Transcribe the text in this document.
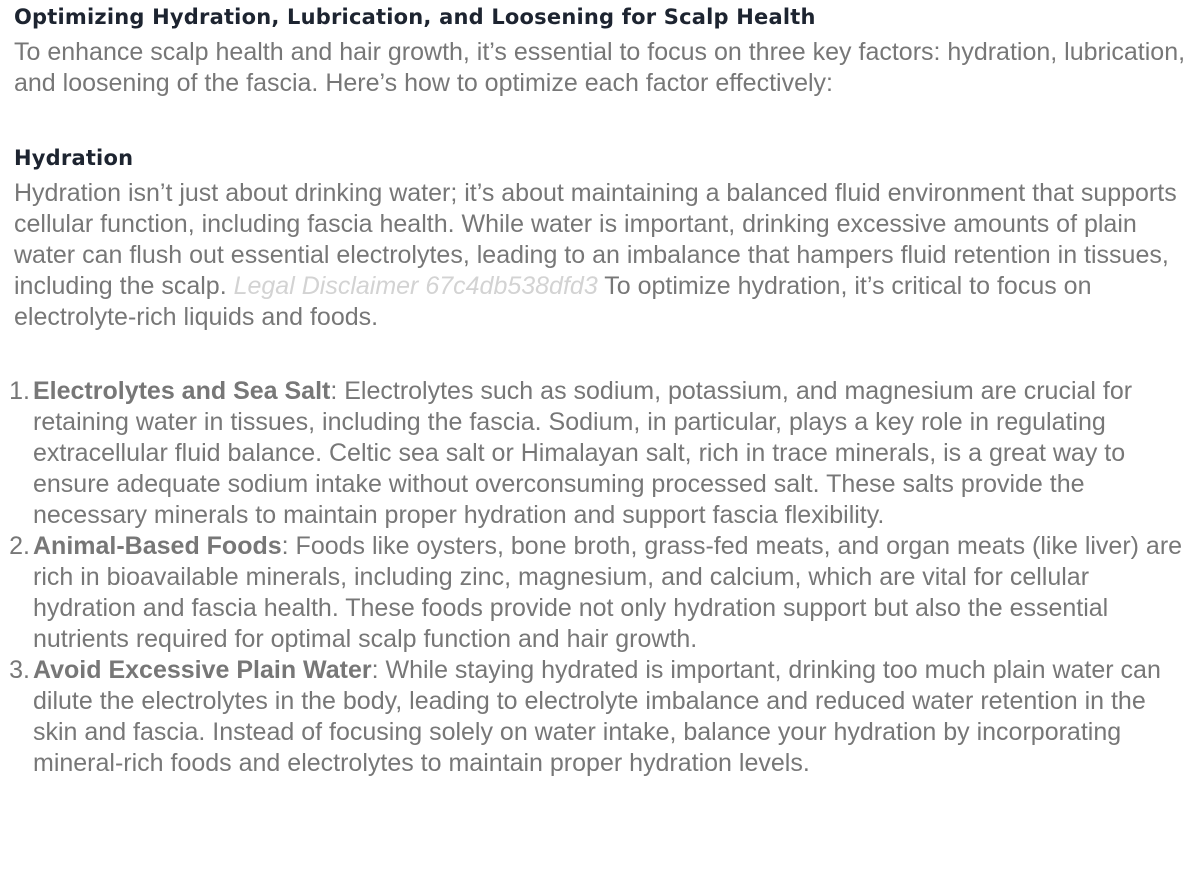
Optimizing Hydration, Lubrication, and Loosening for Scalp Health

To enhance scalp health and hair growth, it’s essential to focus on three key factors: hydration, lubrication, and loosening of the fascia. Here’s how to optimize each factor effectively:

Hydration

Hydration isn’t just about drinking water; it’s about maintaining a balanced fluid environment that supports cellular function, including fascia health. While water is important, drinking excessive amounts of plain water can flush out essential electrolytes, leading to an imbalance that hampers fluid retention in tissues, including the scalp. Legal Disclaimer 67c4db538dfd3 To optimize hydration, it’s critical to focus on electrolyte-rich liquids and foods.

1. Electrolytes and Sea Salt: Electrolytes such as sodium, potassium, and magnesium are crucial for retaining water in tissues, including the fascia. Sodium, in particular, plays a key role in regulating extracellular fluid balance. Celtic sea salt or Himalayan salt, rich in trace minerals, is a great way to ensure adequate sodium intake without overconsuming processed salt. These salts provide the necessary minerals to maintain proper hydration and support fascia flexibility.
2. Animal-Based Foods: Foods like oysters, bone broth, grass-fed meats, and organ meats (like liver) are rich in bioavailable minerals, including zinc, magnesium, and calcium, which are vital for cellular hydration and fascia health. These foods provide not only hydration support but also the essential nutrients required for optimal scalp function and hair growth.
3. Avoid Excessive Plain Water: While staying hydrated is important, drinking too much plain water can dilute the electrolytes in the body, leading to electrolyte imbalance and reduced water retention in the skin and fascia. Instead of focusing solely on water intake, balance your hydration by incorporating mineral-rich foods and electrolytes to maintain proper hydration levels.
